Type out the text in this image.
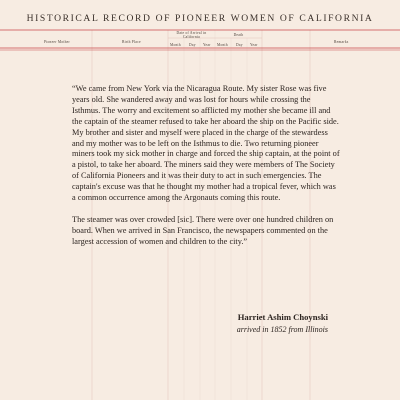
HISTORICAL RECORD OF PIONEER WOMEN OF CALIFORNIA
Pioneer Mother	Birth Place
Date of Arrival in California	Death
Month Day Year Month Day Year
Remarks

“We came from New York via the Nicaragua Route. My sister Rose was five years old. She wandered away and was lost for hours while crossing the Isthmus. The worry and excitement so afflicted my mother she became ill and the captain of the steamer refused to take her aboard the ship on the Pacific side. My brother and sister and myself were placed in the charge of the stewardess and my mother was to be left on the Isthmus to die. Two returning pioneer miners took my sick mother in charge and forced the ship captain, at the point of a pistol, to take her aboard. The miners said they were members of The Society of California Pioneers and it was their duty to act in such emergencies. The captain's excuse was that he thought my mother had a tropical fever, which was a common occurrence among the Argonauts coming this route.

The steamer was over crowded [sic]. There were over one hundred children on board. When we arrived in San Francisco, the newspapers commented on the largest accession of women and children to the city.”

Harriet Ashim Choynski
arrived in 1852 from Illinois
